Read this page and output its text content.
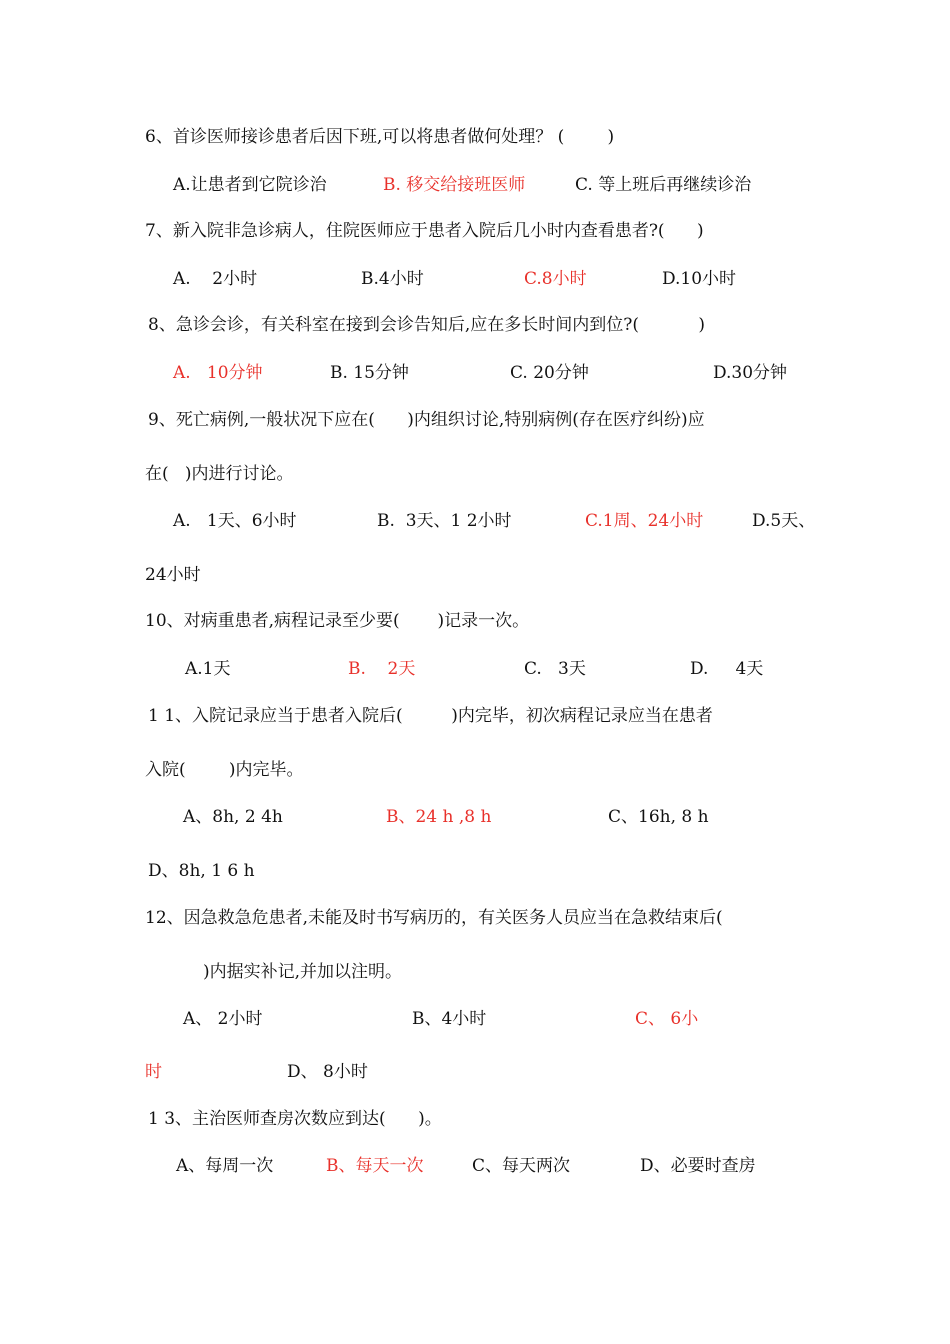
6、首诊医师接诊患者后因下班,可以将患者做何处理？ (        )
A.让患者到它院诊治	B. 移交给接班医师	C. 等上班后再继续诊治
7、新入院非急诊病人，住院医师应于患者入院后几小时内查看患者?(      )
A.    2小时	B.4小时	C.8小时	D.10小时
8、急诊会诊，有关科室在接到会诊告知后,应在多长时间内到位?(           )
A.   10分钟	B. 15分钟	C. 20分钟	D.30分钟
9、死亡病例,一般状况下应在(      )内组织讨论,特别病例(存在医疗纠纷)应
在(   )内进行讨论。
A.   1天、6小时	B.  3天、1 2小时	C.1周、24小时	D.5天、
24小时
10、对病重患者,病程记录至少要(       )记录一次。
A.1天	B.    2天	C.   3天	D.     4天
1 1、入院记录应当于患者入院后(         )内完毕，初次病程记录应当在患者
入院(        )内完毕。
A、8h, 2 4h	B、24 h ,8 h	C、16h, 8 h
D、8h, 1 6 h
12、因急救急危患者,未能及时书写病历的，有关医务人员应当在急救结束后(
)内据实补记,并加以注明。
A、 2小时	B、4小时	C、 6小
时	D、 8小时
1 3、主治医师查房次数应到达(      )。
A、每周一次	B、每天一次	C、每天两次	D、必要时查房
